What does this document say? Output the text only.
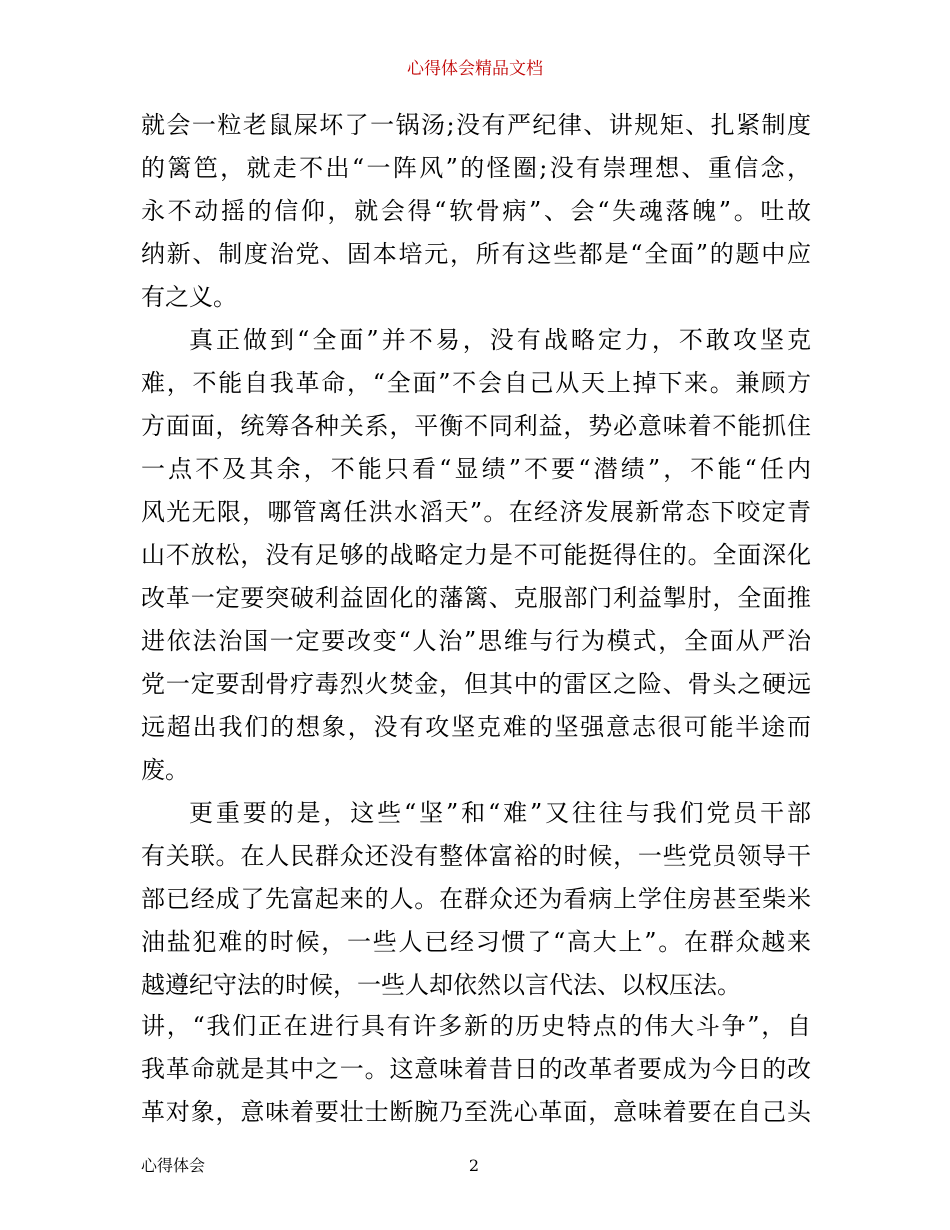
心得体会精品文档
就会一粒老鼠屎坏了一锅汤;没有严纪律、讲规矩、扎紧制度
的篱笆，就走不出“一阵风”的怪圈;没有崇理想、重信念，
永不动摇的信仰，就会得“软骨病”、会“失魂落魄”。吐故
纳新、制度治党、固本培元，所有这些都是“全面”的题中应
有之义。
真正做到“全面”并不易，没有战略定力，不敢攻坚克
难，不能自我革命，“全面”不会自己从天上掉下来。兼顾方
方面面，统筹各种关系，平衡不同利益，势必意味着不能抓住
一点不及其余，不能只看“显绩”不要“潜绩”，不能“任内
风光无限，哪管离任洪水滔天”。在经济发展新常态下咬定青
山不放松，没有足够的战略定力是不可能挺得住的。全面深化
改革一定要突破利益固化的藩篱、克服部门利益掣肘，全面推
进依法治国一定要改变“人治”思维与行为模式，全面从严治
党一定要刮骨疗毒烈火焚金，但其中的雷区之险、骨头之硬远
远超出我们的想象，没有攻坚克难的坚强意志很可能半途而
废。
更重要的是，这些“坚”和“难”又往往与我们党员干部
有关联。在人民群众还没有整体富裕的时候，一些党员领导干
部已经成了先富起来的人。在群众还为看病上学住房甚至柴米
油盐犯难的时候，一些人已经习惯了“高大上”。在群众越来
越遵纪守法的时候，一些人却依然以言代法、以权压法。
讲，“我们正在进行具有许多新的历史特点的伟大斗争”，自
我革命就是其中之一。这意味着昔日的改革者要成为今日的改
革对象，意味着要壮士断腕乃至洗心革面，意味着要在自己头
心得体会	2
